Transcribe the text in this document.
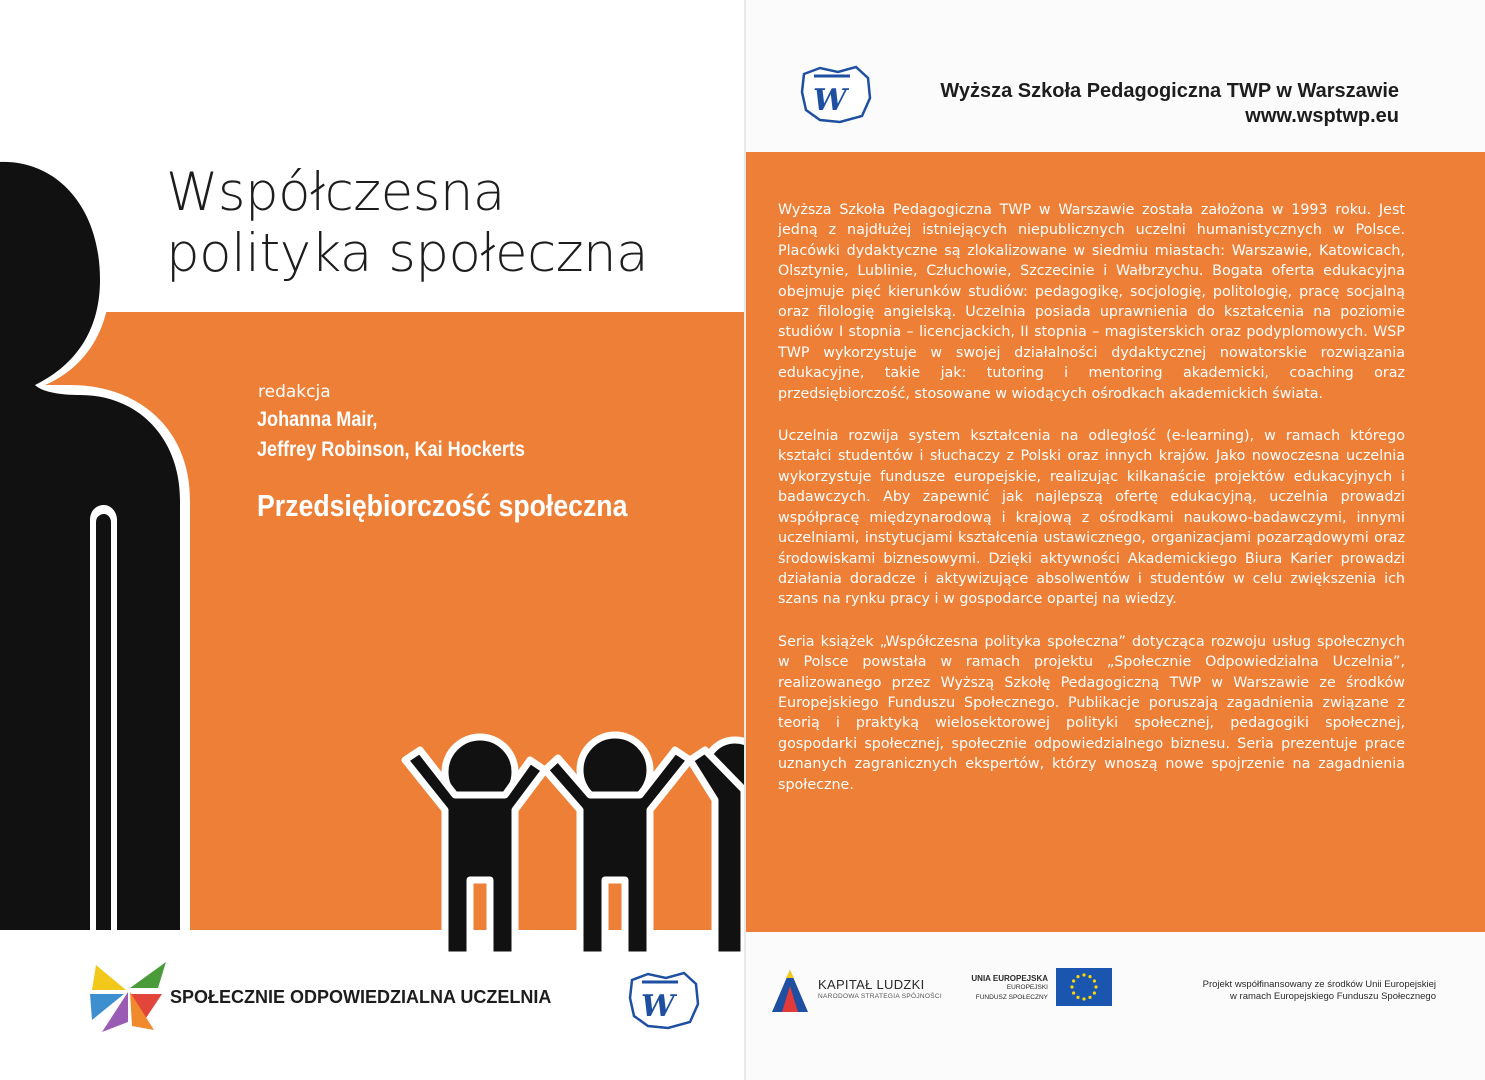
Współczesna
polityka społeczna
redakcja
Johanna Mair,
Jeffrey Robinson, Kai Hockerts
Przedsiębiorczość społeczna
SPOŁECZNIE ODPOWIEDZIALNA UCZELNIA	W
W	Wyższa Szkoła Pedagogiczna TWP w Warszawie
www.wsptwp.eu

Wyższa Szkoła Pedagogiczna TWP w Warszawie została założona w 1993 roku. Jest jedną z najdłużej istniejących niepublicznych uczelni humanistycznych w Polsce. Placówki dydaktyczne są zlokalizowane w siedmiu miastach: Warszawie, Katowicach, Olsztynie, Lublinie, Człuchowie, Szczecinie i Wałbrzychu. Bogata oferta edukacyjna obejmuje pięć kierunków studiów: pedagogikę, socjologię, politologię, pracę socjalną oraz filologię angielską. Uczelnia posiada uprawnienia do kształcenia na poziomie studiów I stopnia – licencjackich, II stopnia – magisterskich oraz podyplomowych. WSP TWP wykorzystuje w swojej działalności dydaktycznej nowatorskie rozwiązania edukacyjne, takie jak: tutoring i mentoring akademicki, coaching oraz przedsiębiorczość, stosowane w wiodących ośrodkach akademickich świata.

Uczelnia rozwija system kształcenia na odległość (e-learning), w ramach którego kształci studentów i słuchaczy z Polski oraz innych krajów. Jako nowoczesna uczelnia wykorzystuje fundusze europejskie, realizując kilkanaście projektów edukacyjnych i badawczych. Aby zapewnić jak najlepszą ofertę edukacyjną, uczelnia prowadzi współpracę międzynarodową i krajową z ośrodkami naukowo-badawczymi, innymi uczelniami, instytucjami kształcenia ustawicznego, organizacjami pozarządowymi oraz środowiskami biznesowymi. Dzięki aktywności Akademickiego Biura Karier prowadzi działania doradcze i aktywizujące absolwentów i studentów w celu zwiększenia ich szans na rynku pracy i w gospodarce opartej na wiedzy.

Seria książek „Współczesna polityka społeczna” dotycząca rozwoju usług społecznych w Polsce powstała w ramach projektu „Społecznie Odpowiedzialna Uczelnia”, realizowanego przez Wyższą Szkołę Pedagogiczną TWP w Warszawie ze środków Europejskiego Funduszu Społecznego. Publikacje poruszają zagadnienia związane z teorią i praktyką wielosektorowej polityki społecznej, pedagogiki społecznej, gospodarki społecznej, społecznie odpowiedzialnego biznesu. Seria prezentuje prace uznanych zagranicznych ekspertów, którzy wnoszą nowe spojrzenie na zagadnienia społeczne.

KAPITAŁ LUDZKI
NARODOWA STRATEGIA SPÓJNOŚCI
UNIA EUROPEJSKA
EUROPEJSKI
FUNDUSZ SPOŁECZNY
Projekt współfinansowany ze środków Unii Europejskiej
w ramach Europejskiego Funduszu Społecznego
